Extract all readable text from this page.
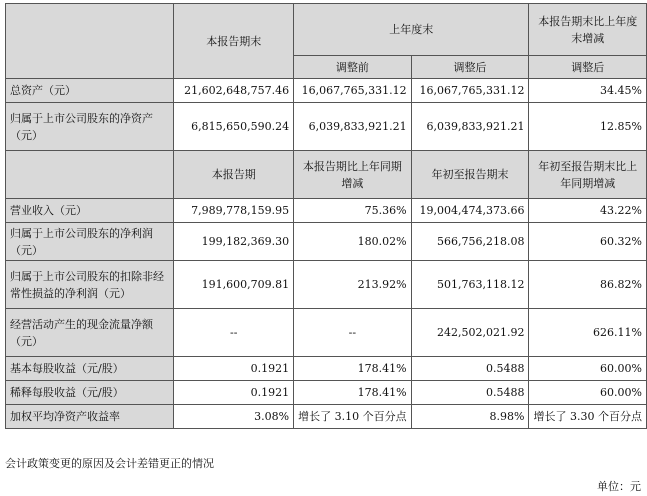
	本报告期末	上年度末		本报告期末比上年度末增减
		调整前	调整后	调整后
总资产（元）	21,602,648,757.46	16,067,765,331.12	16,067,765,331.12	34.45%
归属于上市公司股东的净资产（元）	6,815,650,590.24	6,039,833,921.21	6,039,833,921.21	12.85%
	本报告期	本报告期比上年同期增减	年初至报告期末	年初至报告期末比上年同期增减
营业收入（元）	7,989,778,159.95	75.36%	19,004,474,373.66	43.22%
归属于上市公司股东的净利润（元）	199,182,369.30	180.02%	566,756,218.08	60.32%
归属于上市公司股东的扣除非经常性损益的净利润（元）	191,600,709.81	213.92%	501,763,118.12	86.82%
经营活动产生的现金流量净额（元）	--	--	242,502,021.92	626.11%
基本每股收益（元/股）	0.1921	178.41%	0.5488	60.00%
稀释每股收益（元/股）	0.1921	178.41%	0.5488	60.00%
加权平均净资产收益率	3.08%	增长了 3.10 个百分点	8.98%	增长了 3.30 个百分点
会计政策变更的原因及会计差错更正的情况
单位：元
